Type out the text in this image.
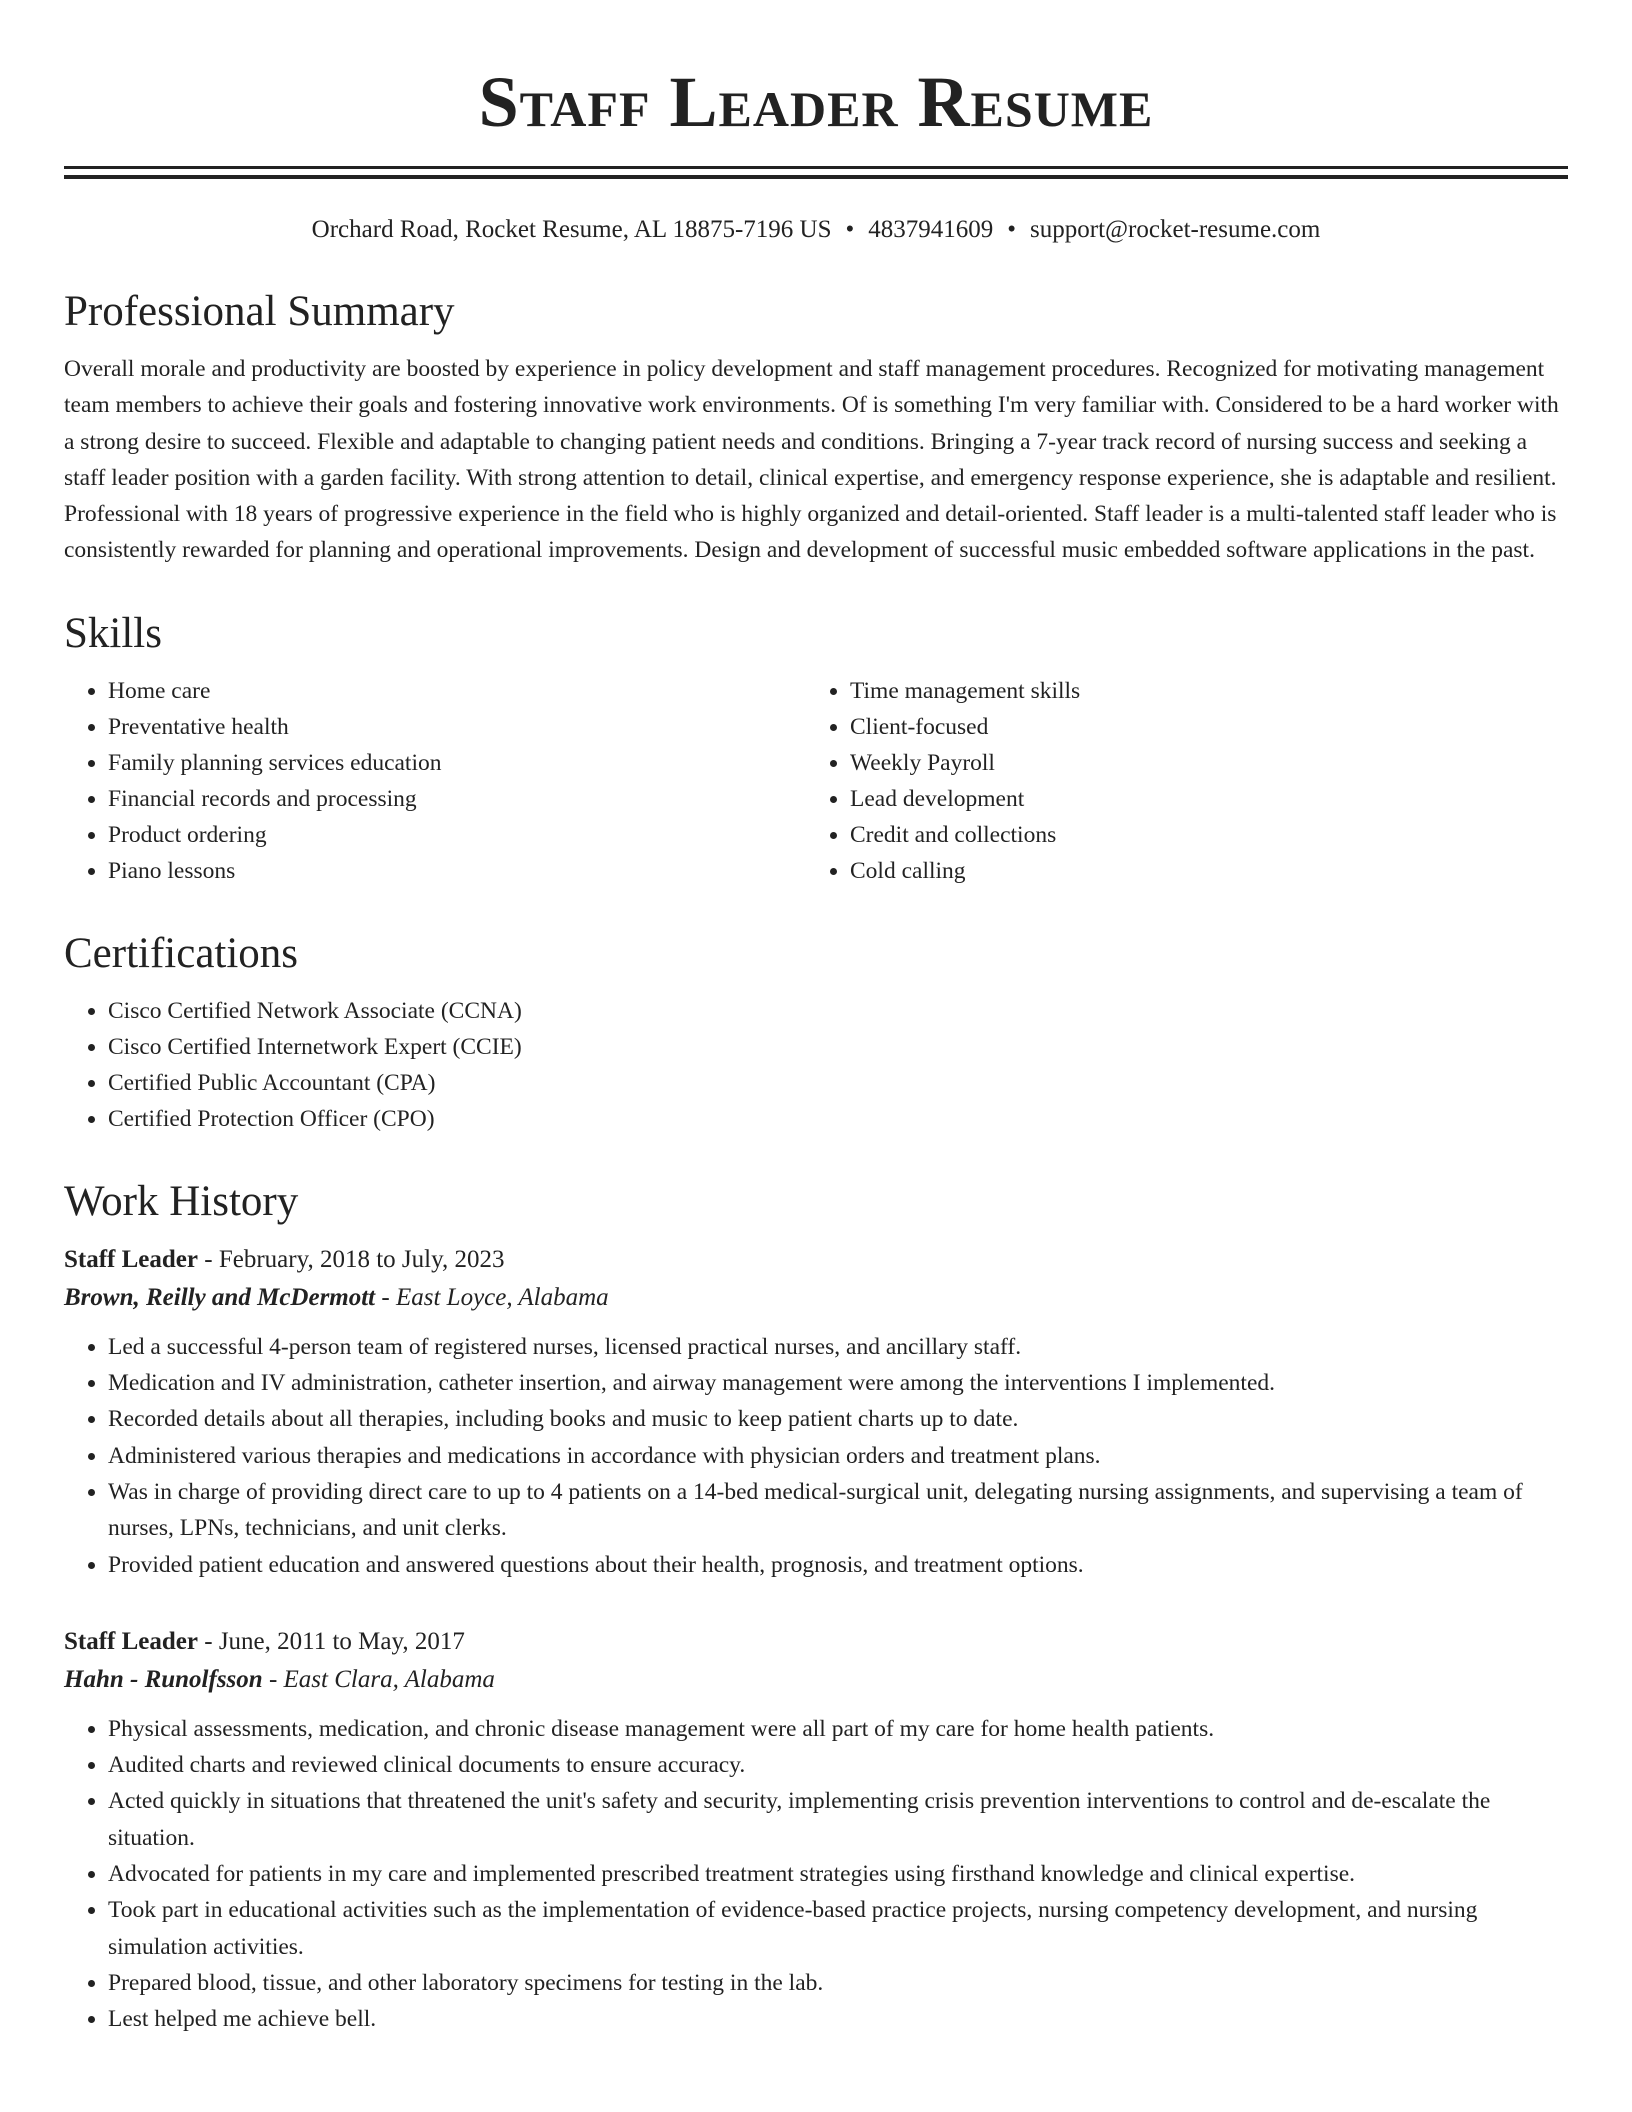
Staff Leader Resume
Orchard Road, Rocket Resume, AL 18875-7196 US • 4837941609 • support@rocket-resume.com
Professional Summary

Overall morale and productivity are boosted by experience in policy development and staff management procedures. Recognized for motivating management team members to achieve their goals and fostering innovative work environments. Of is something I'm very familiar with. Considered to be a hard worker with a strong desire to succeed. Flexible and adaptable to changing patient needs and conditions. Bringing a 7-year track record of nursing success and seeking a staff leader position with a garden facility. With strong attention to detail, clinical expertise, and emergency response experience, she is adaptable and resilient. Professional with 18 years of progressive experience in the field who is highly organized and detail-oriented. Staff leader is a multi-talented staff leader who is consistently rewarded for planning and operational improvements. Design and development of successful music embedded software applications in the past.

Skills
• Home care
• Preventative health
• Family planning services education
• Financial records and processing
• Product ordering
• Piano lessons
• Time management skills
• Client-focused
• Weekly Payroll
• Lead development
• Credit and collections
• Cold calling
Certifications
• Cisco Certified Network Associate (CCNA)
• Cisco Certified Internetwork Expert (CCIE)
• Certified Public Accountant (CPA)
• Certified Protection Officer (CPO)
Work History
Staff Leader - February, 2018 to July, 2023
Brown, Reilly and McDermott - East Loyce, Alabama
• Led a successful 4-person team of registered nurses, licensed practical nurses, and ancillary staff.
• Medication and IV administration, catheter insertion, and airway management were among the interventions I implemented.
• Recorded details about all therapies, including books and music to keep patient charts up to date.
• Administered various therapies and medications in accordance with physician orders and treatment plans.
• Was in charge of providing direct care to up to 4 patients on a 14-bed medical-surgical unit, delegating nursing assignments, and supervising a team of nurses, LPNs, technicians, and unit clerks.
• Provided patient education and answered questions about their health, prognosis, and treatment options.
Staff Leader - June, 2011 to May, 2017
Hahn - Runolfsson - East Clara, Alabama
• Physical assessments, medication, and chronic disease management were all part of my care for home health patients.
• Audited charts and reviewed clinical documents to ensure accuracy.
• Acted quickly in situations that threatened the unit's safety and security, implementing crisis prevention interventions to control and de-escalate the situation.
• Advocated for patients in my care and implemented prescribed treatment strategies using firsthand knowledge and clinical expertise.
• Took part in educational activities such as the implementation of evidence-based practice projects, nursing competency development, and nursing simulation activities.
• Prepared blood, tissue, and other laboratory specimens for testing in the lab.
• Lest helped me achieve bell.
